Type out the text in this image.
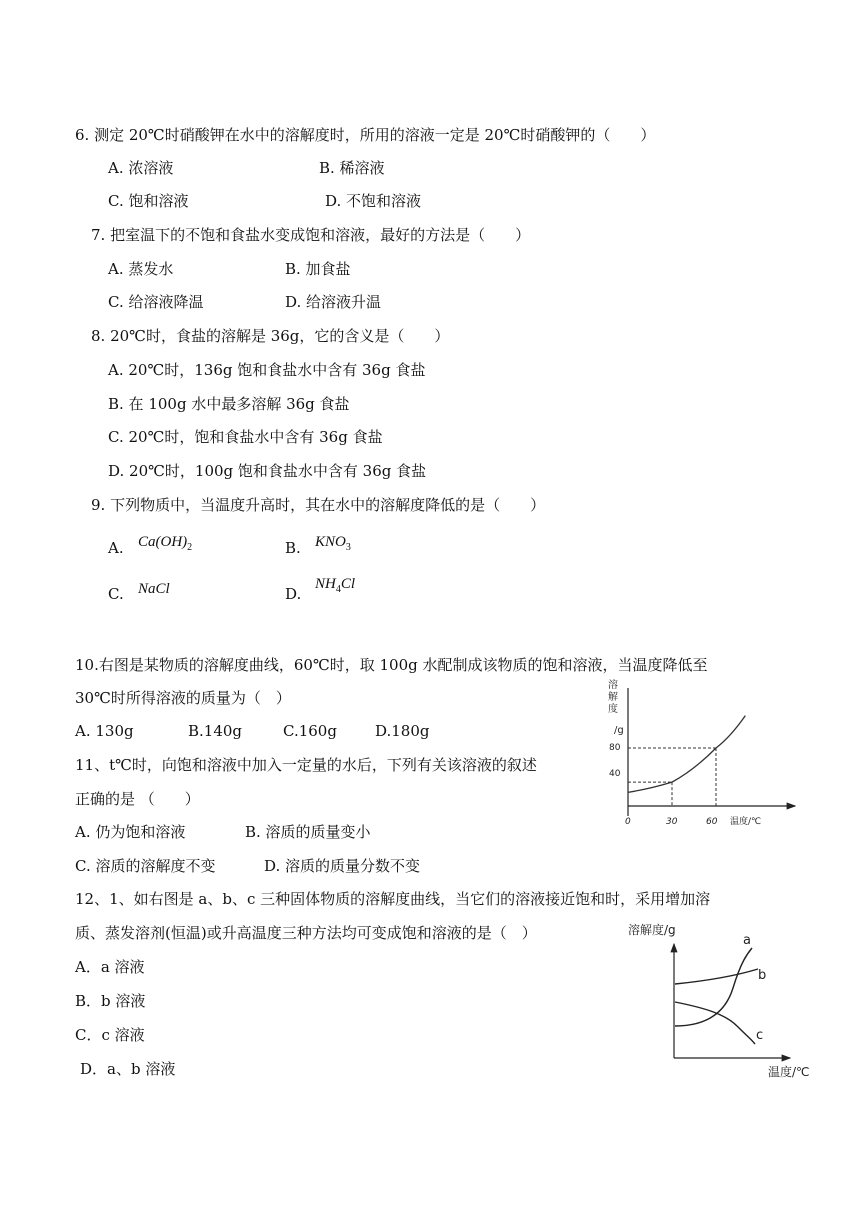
6. 测定 20℃时硝酸钾在水中的溶解度时，所用的溶液一定是 20℃时硝酸钾的（　　）
A. 浓溶液	B. 稀溶液
C. 饱和溶液	D. 不饱和溶液
7. 把室温下的不饱和食盐水变成饱和溶液，最好的方法是（　　）
A. 蒸发水	B. 加食盐
C. 给溶液降温	D. 给溶液升温
8. 20℃时，食盐的溶解是 36g，它的含义是（　　）
A. 20℃时，136g 饱和食盐水中含有 36g 食盐
B. 在 100g 水中最多溶解 36g 食盐
C. 20℃时，饱和食盐水中含有 36g 食盐
D. 20℃时，100g 饱和食盐水中含有 36g 食盐
9. 下列物质中，当温度升高时，其在水中的溶解度降低的是（　　）
A. $Ca(OH)_2$	B. $KNO_3$
C. NaCl	D.
$NH_4Cl$
10.右图是某物质的溶解度曲线，60℃时，取 100g 水配制成该物质的饱和溶液，当温度降低至
30℃时所得溶液的质量为（　）
A. 130g	B.140g	C.160g	D.180g
11、t℃时，向饱和溶液中加入一定量的水后，下列有关该溶液的叙述
正确的是 （　　）
A. 仍为饱和溶液	B. 溶质的质量变小
C. 溶质的溶解度不变	D. 溶质的质量分数不变
12、1、如右图是 a、b、c 三种固体物质的溶解度曲线，当它们的溶液接近饱和时，采用增加溶
质、蒸发溶剂(恒温)或升高温度三种方法均可变成饱和溶液的是（　）
A．a 溶液
B．b 溶液
C．c 溶液
D．a、b 溶液
溶解度
/g
0	30	60 温度/℃
40
80
溶解度/g
a
b
c
温度/℃
